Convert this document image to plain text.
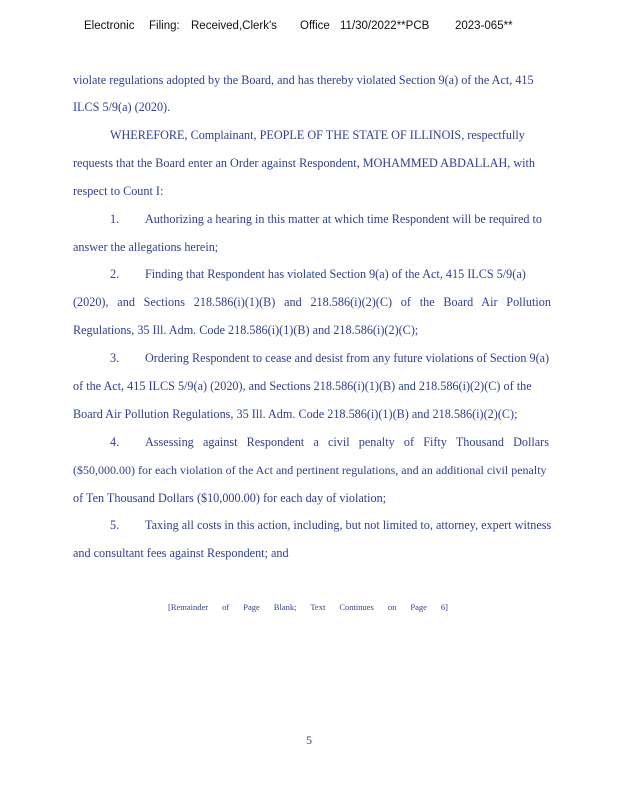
Electronic Filing: Received,Clerk's Office 11/30/2022**PCB 2023-065**
violate regulations adopted by the Board, and has thereby violated Section 9(a) of the Act, 415
ILCS 5/9(a) (2020).
WHEREFORE, Complainant, PEOPLE OF THE STATE OF ILLINOIS, respectfully
requests that the Board enter an Order against Respondent, MOHAMMED ABDALLAH, with
respect to Count I:
1. Authorizing a hearing in this matter at which time Respondent will be required to
answer the allegations herein;
2. Finding that Respondent has violated Section 9(a) of the Act, 415 ILCS 5/9(a)
(2020), and Sections 218.586(i)(1)(B) and 218.586(i)(2)(C) of the Board Air Pollution
Regulations, 35 Ill. Adm. Code 218.586(i)(1)(B) and 218.586(i)(2)(C);
3. Ordering Respondent to cease and desist from any future violations of Section 9(a)
of the Act, 415 ILCS 5/9(a) (2020), and Sections 218.586(i)(1)(B) and 218.586(i)(2)(C) of the
Board Air Pollution Regulations, 35 Ill. Adm. Code 218.586(i)(1)(B) and 218.586(i)(2)(C);
4. Assessing against Respondent a civil penalty of Fifty Thousand Dollars
($50,000.00) for each violation of the Act and pertinent regulations, and an additional civil penalty
of Ten Thousand Dollars ($10,000.00) for each day of violation;
5. Taxing all costs in this action, including, but not limited to, attorney, expert witness
and consultant fees against Respondent; and
[Remainder of Page Blank; Text Continues on Page 6]
5
